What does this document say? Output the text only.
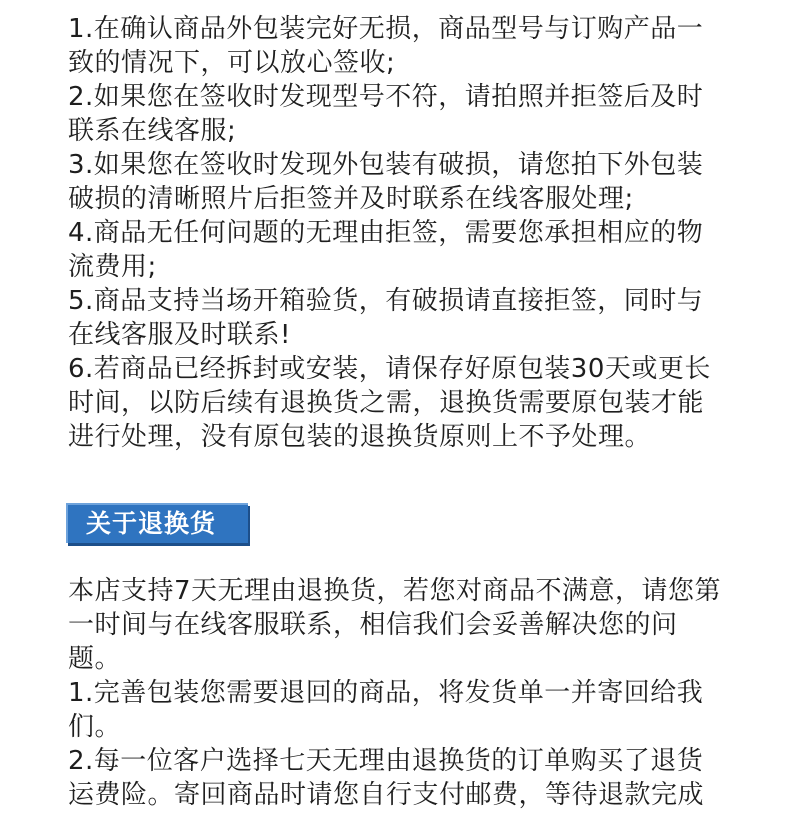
1.在确认商品外包装完好无损，商品型号与订购产品一致的情况下，可以放心签收;

2.如果您在签收时发现型号不符，请拍照并拒签后及时联系在线客服;

3.如果您在签收时发现外包装有破损，请您拍下外包装破损的清晰照片后拒签并及时联系在线客服处理;

4.商品无任何问题的无理由拒签，需要您承担相应的物流费用;

5.商品支持当场开箱验货，有破损请直接拒签，同时与在线客服及时联系!

6.若商品已经拆封或安装，请保存好原包装30天或更长时间，以防后续有退换货之需，退换货需要原包装才能进行处理，没有原包装的退换货原则上不予处理。

关于退换货

本店支持7天无理由退换货，若您对商品不满意，请您第一时间与在线客服联系，相信我们会妥善解决您的问题。

1.完善包装您需要退回的商品，将发货单一并寄回给我们。

2.每一位客户选择七天无理由退换货的订单购买了退货运费险。寄回商品时请您自行支付邮费，等待退款完成
